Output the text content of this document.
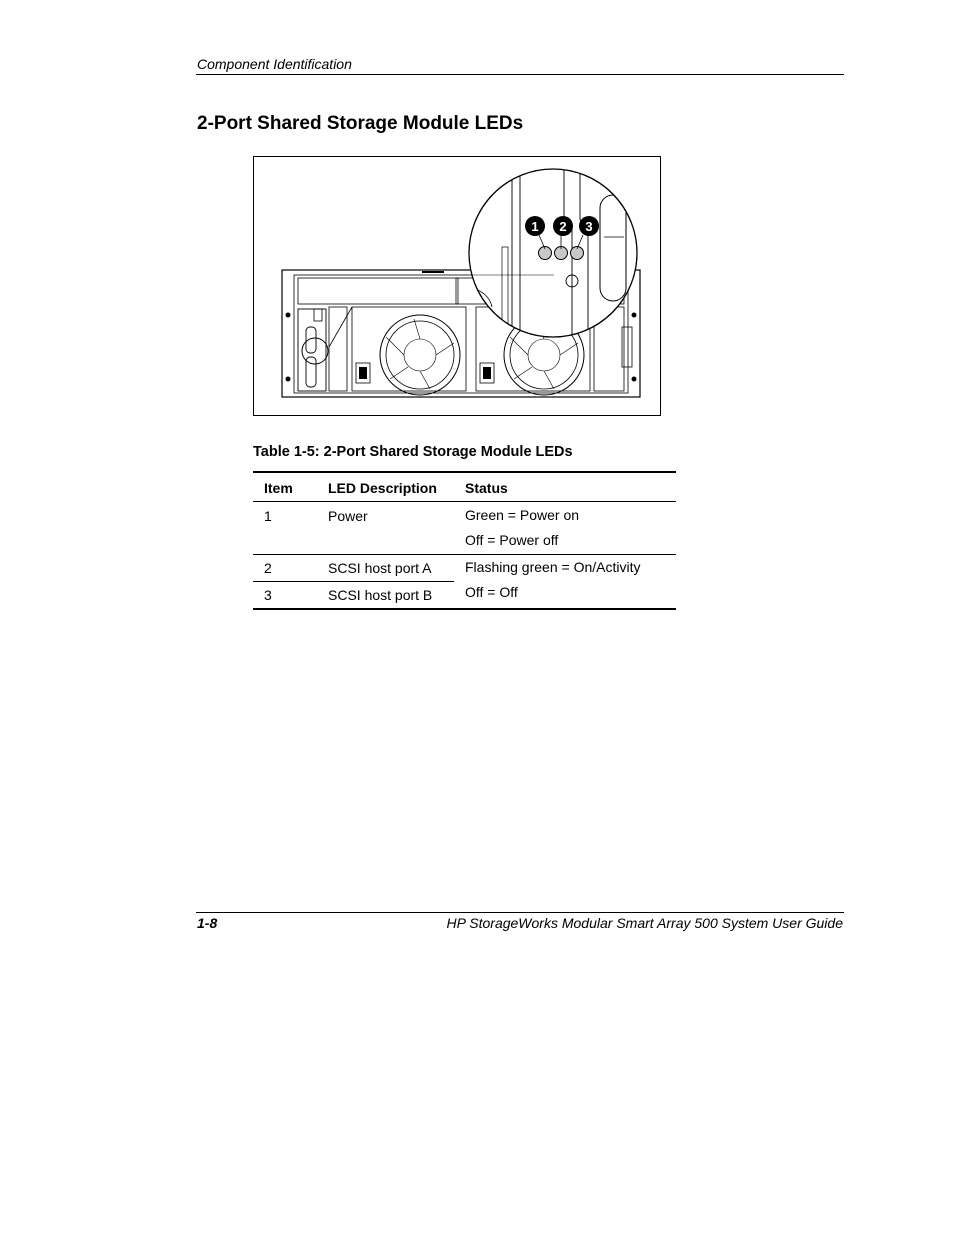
Component Identification
2-Port Shared Storage Module LEDs
1 2 3
Table 1-5: 2-Port Shared Storage Module LEDs
Item	LED Description	Status
1	Power	Green = Power on
Off = Power off

2	SCSI host port A	Flashing green = On/Activity
Off = Off

3	SCSI host port B	
1-8	HP StorageWorks Modular Smart Array 500 System User Guide
